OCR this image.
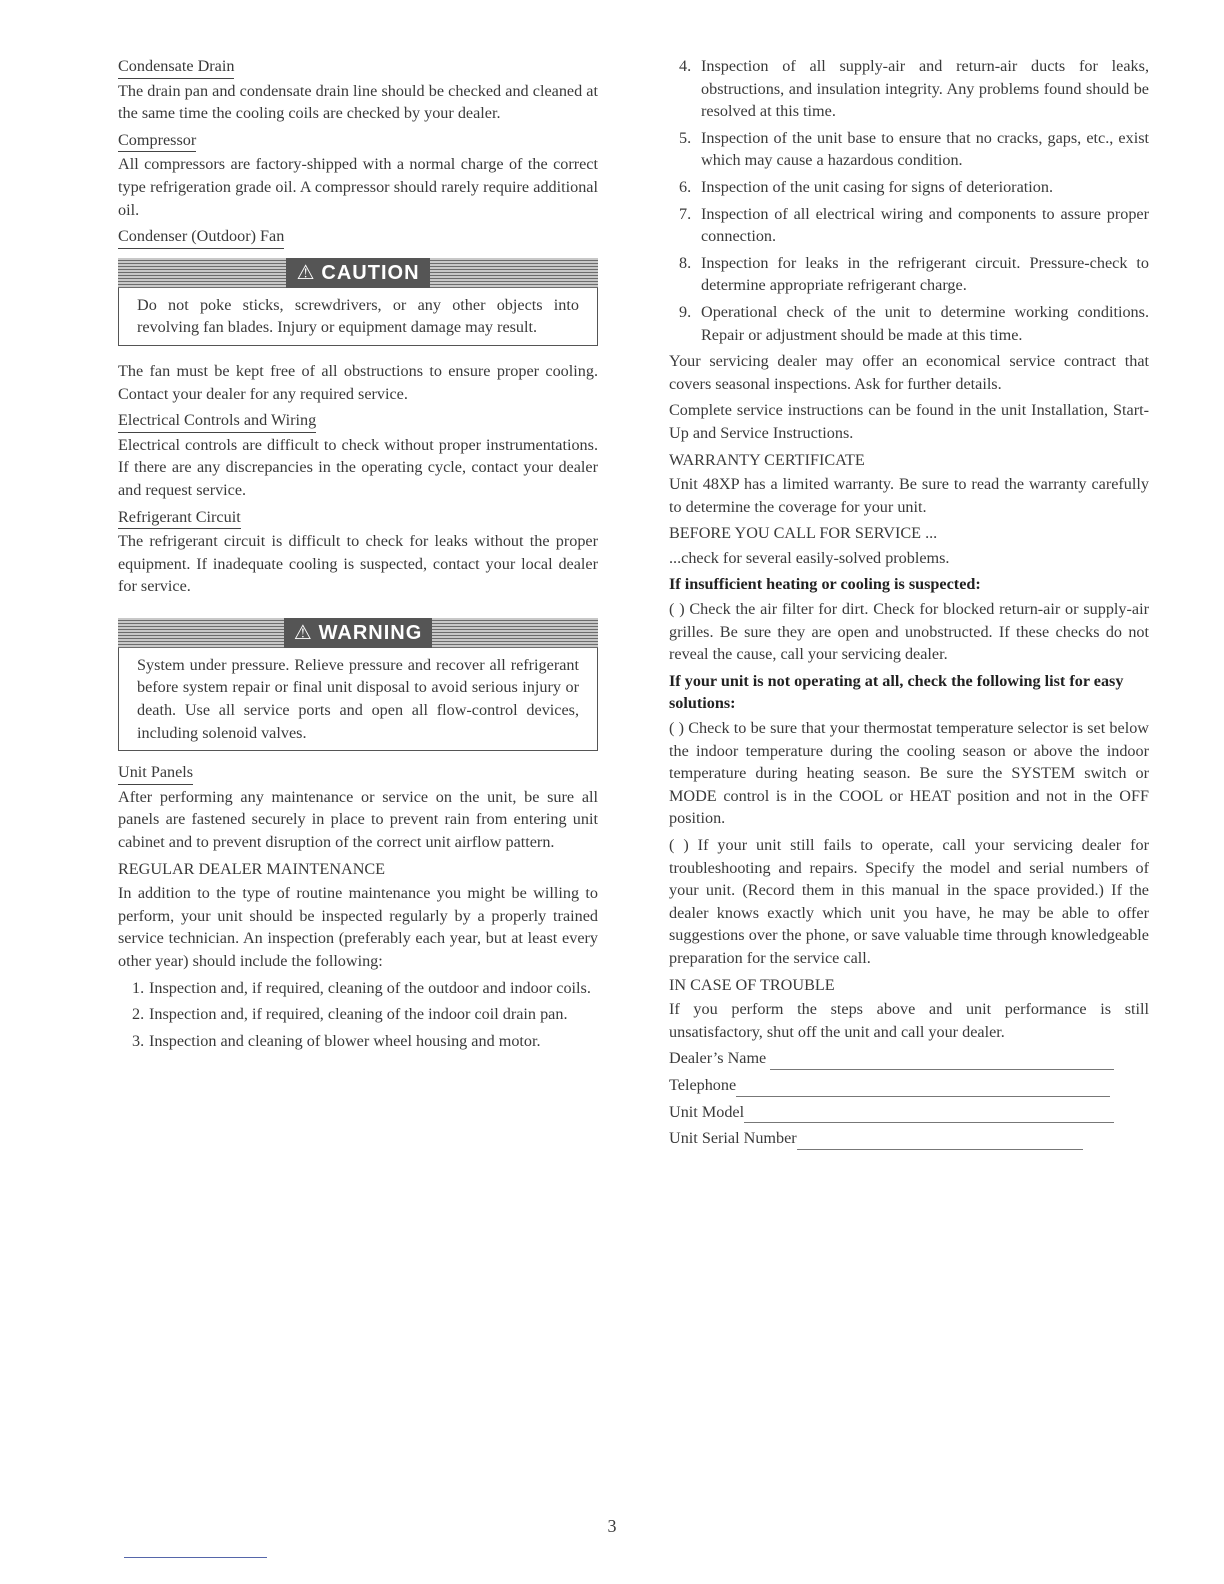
Condensate Drain

The drain pan and condensate drain line should be checked and cleaned at the same time the cooling coils are checked by your dealer.

Compressor

All compressors are factory-shipped with a normal charge of the correct type refrigeration grade oil. A compressor should rarely require additional oil.

Condenser (Outdoor) Fan
⚠ CAUTION

Do not poke sticks, screwdrivers, or any other objects into revolving fan blades. Injury or equipment damage may result.

The fan must be kept free of all obstructions to ensure proper cooling. Contact your dealer for any required service.

Electrical Controls and Wiring

Electrical controls are difficult to check without proper instrumentations. If there are any discrepancies in the operating cycle, contact your dealer and request service.

Refrigerant Circuit

The refrigerant circuit is difficult to check for leaks without the proper equipment. If inadequate cooling is suspected, contact your local dealer for service.

⚠ WARNING

System under pressure. Relieve pressure and recover all refrigerant before system repair or final unit disposal to avoid serious injury or death. Use all service ports and open all flow-control devices, including solenoid valves.

Unit Panels

After performing any maintenance or service on the unit, be sure all panels are fastened securely in place to prevent rain from entering unit cabinet and to prevent disruption of the correct unit airflow pattern.

REGULAR DEALER MAINTENANCE

In addition to the type of routine maintenance you might be willing to perform, your unit should be inspected regularly by a properly trained service technician. An inspection (preferably each year, but at least every other year) should include the following:

1. Inspection and, if required, cleaning of the outdoor and indoor coils.
2. Inspection and, if required, cleaning of the indoor coil drain pan.
3. Inspection and cleaning of blower wheel housing and motor.
4. Inspection of all supply-air and return-air ducts for leaks, obstructions, and insulation integrity. Any problems found should be resolved at this time.
5. Inspection of the unit base to ensure that no cracks, gaps, etc., exist which may cause a hazardous condition.
6. Inspection of the unit casing for signs of deterioration.
7. Inspection of all electrical wiring and components to assure proper connection.
8. Inspection for leaks in the refrigerant circuit. Pressure-check to determine appropriate refrigerant charge.
9. Operational check of the unit to determine working conditions. Repair or adjustment should be made at this time.

Your servicing dealer may offer an economical service contract that covers seasonal inspections. Ask for further details.

Complete service instructions can be found in the unit Installation, Start-Up and Service Instructions.

WARRANTY CERTIFICATE

Unit 48XP has a limited warranty. Be sure to read the warranty carefully to determine the coverage for your unit.

BEFORE YOU CALL FOR SERVICE ...

...check for several easily-solved problems.

If insufficient heating or cooling is suspected:

( ) Check the air filter for dirt. Check for blocked return-air or supply-air grilles. Be sure they are open and unobstructed. If these checks do not reveal the cause, call your servicing dealer.

If your unit is not operating at all, check the following list for easy solutions:

( ) Check to be sure that your thermostat temperature selector is set below the indoor temperature during the cooling season or above the indoor temperature during heating season. Be sure the SYSTEM switch or MODE control is in the COOL or HEAT position and not in the OFF position.

( ) If your unit still fails to operate, call your servicing dealer for troubleshooting and repairs. Specify the model and serial numbers of your unit. (Record them in this manual in the space provided.) If the dealer knows exactly which unit you have, he may be able to offer suggestions over the phone, or save valuable time through knowledgeable preparation for the service call.

IN CASE OF TROUBLE

If you perform the steps above and unit performance is still unsatisfactory, shut off the unit and call your dealer.

Dealer’s Name
Telephone
Unit Model
Unit Serial Number
3
